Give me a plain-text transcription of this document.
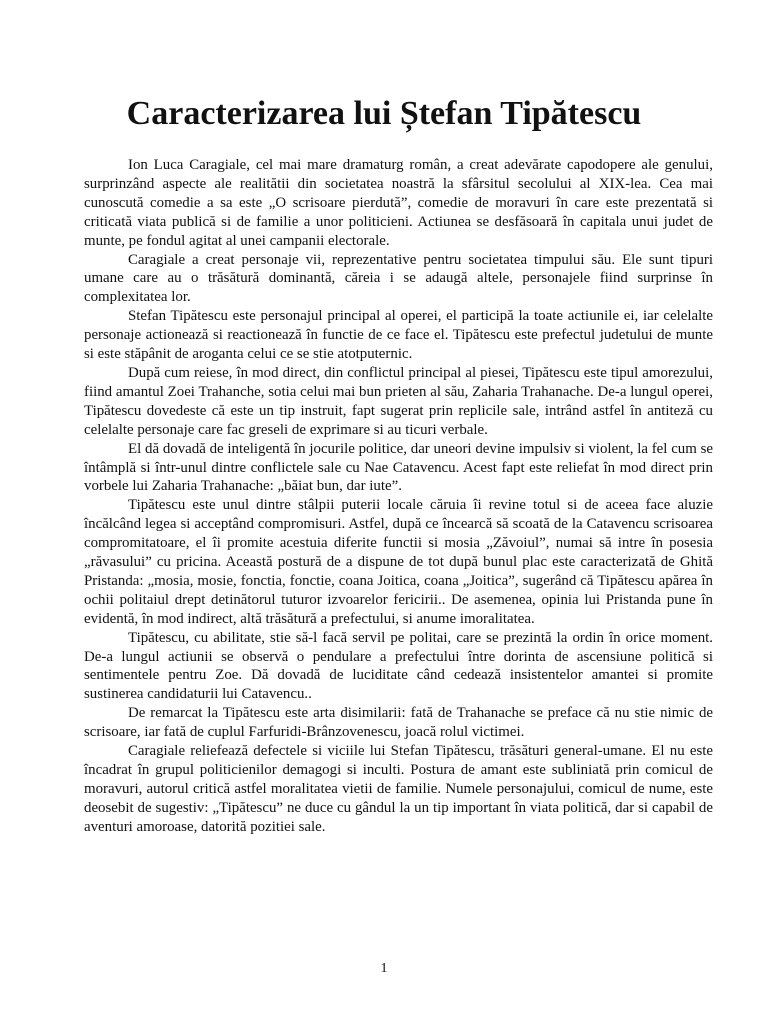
Caracterizarea lui Ștefan Tipătescu

Ion Luca Caragiale, cel mai mare dramaturg român, a creat adevărate capodopere ale genului, surprinzând aspecte ale realitătii din societatea noastră la sfârsitul secolului al XIX-lea. Cea mai cunoscută comedie a sa este „O scrisoare pierdută”, comedie de moravuri în care este prezentată si criticată viata publică si de familie a unor politicieni. Actiunea se desfăsoară în capitala unui judet de munte, pe fondul agitat al unei campanii electorale.

Caragiale a creat personaje vii, reprezentative pentru societatea timpului său. Ele sunt tipuri umane care au o trăsătură dominantă, căreia i se adaugă altele, personajele fiind surprinse în complexitatea lor.

Stefan Tipătescu este personajul principal al operei, el participă la toate actiunile ei, iar celelalte personaje actionează si reactionează în functie de ce face el. Tipătescu este prefectul judetului de munte si este stăpânit de aroganta celui ce se stie atotputernic.

După cum reiese, în mod direct, din conflictul principal al piesei, Tipătescu este tipul amorezului, fiind amantul Zoei Trahanche, sotia celui mai bun prieten al său, Zaharia Trahanache. De-a lungul operei, Tipătescu dovedeste că este un tip instruit, fapt sugerat prin replicile sale, intrând astfel în antiteză cu celelalte personaje care fac greseli de exprimare si au ticuri verbale.

El dă dovadă de inteligentă în jocurile politice, dar uneori devine impulsiv si violent, la fel cum se întâmplă si într-unul dintre conflictele sale cu Nae Catavencu. Acest fapt este reliefat în mod direct prin vorbele lui Zaharia Trahanache: „băiat bun, dar iute”.

Tipătescu este unul dintre stâlpii puterii locale căruia îi revine totul si de aceea face aluzie încălcând legea si acceptând compromisuri. Astfel, după ce încearcă să scoată de la Catavencu scrisoarea compromitatoare, el îi promite acestuia diferite functii si mosia „Zăvoiul”, numai să intre în posesia „răvasului” cu pricina. Această postură de a dispune de tot după bunul plac este caracterizată de Ghită Pristanda: „mosia, mosie, fonctia, fonctie, coana Joitica, coana „Joitica”, sugerând că Tipătescu apărea în ochii politaiul drept detinătorul tuturor izvoarelor fericirii.. De asemenea, opinia lui Pristanda pune în evidentă, în mod indirect, altă trăsătură a prefectului, si anume imoralitatea.

Tipătescu, cu abilitate, stie să-l facă servil pe politai, care se prezintă la ordin în orice moment. De-a lungul actiunii se observă o pendulare a prefectului între dorinta de ascensiune politică si sentimentele pentru Zoe. Dă dovadă de luciditate când cedează insistentelor amantei si promite sustinerea candidaturii lui Catavencu..

De remarcat la Tipătescu este arta disimilarii: fată de Trahanache se preface că nu stie nimic de scrisoare, iar fată de cuplul Farfuridi-Brânzovenescu, joacă rolul victimei.

Caragiale reliefează defectele si viciile lui Stefan Tipătescu, trăsături general-umane. El nu este încadrat în grupul politicienilor demagogi si inculti. Postura de amant este subliniată prin comicul de moravuri, autorul critică astfel moralitatea vietii de familie. Numele personajului, comicul de nume, este deosebit de sugestiv: „Tipătescu” ne duce cu gândul la un tip important în viata politică, dar si capabil de aventuri amoroase, datorită pozitiei sale.

1
